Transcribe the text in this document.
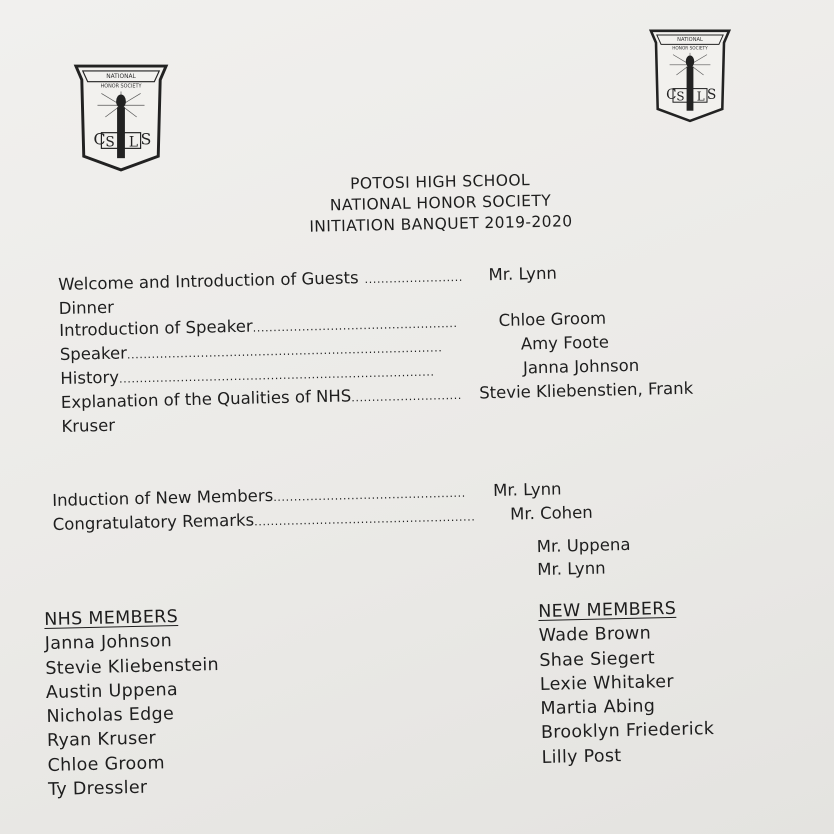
NATIONAL
HONOR SOCIETY
C S L S
NATIONAL
HONOR SOCIETY
C S L S
POTOSI HIGH SCHOOL
NATIONAL HONOR SOCIETY
INITIATION BANQUET 2019-2020
Welcome and Introduction of Guests ........................	Mr. Lynn
Dinner
Introduction of Speaker ..................................................	Chloe Groom
Speaker .............................................................................	Amy Foote
History .............................................................................	Janna Johnson
Explanation of the Qualities of NHS ...........................	Stevie Kliebenstien, Frank
Kruser
Induction of New Members ...............................................	Mr. Lynn
Congratulatory Remarks ......................................................	Mr. Cohen
Mr. Uppena
Mr. Lynn
NHS MEMBERS
Janna Johnson
Stevie Kliebenstein
Austin Uppena
Nicholas Edge
Ryan Kruser
Chloe Groom
Ty Dressler
NEW MEMBERS
Wade Brown
Shae Siegert
Lexie Whitaker
Martia Abing
Brooklyn Friederick
Lilly Post
